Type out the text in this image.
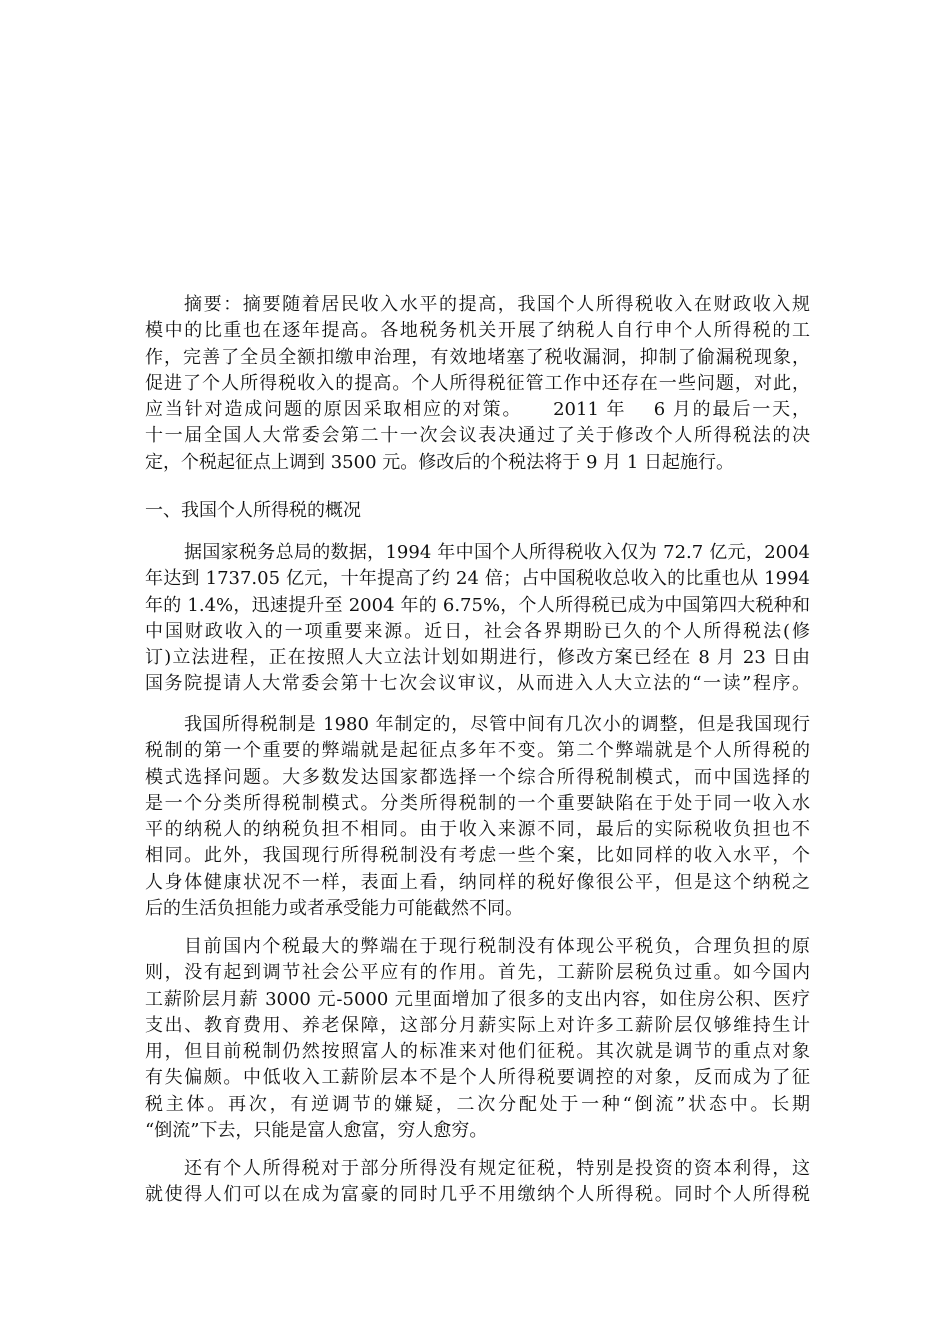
摘要：摘要随着居民收入水平的提高，我国个人所得税收入在财政收入规
模中的比重也在逐年提高。各地税务机关开展了纳税人自行申个人所得税的工
作，完善了全员全额扣缴申治理，有效地堵塞了税收漏洞，抑制了偷漏税现象，
促进了个人所得税收入的提高。个人所得税征管工作中还存在一些问题，对此，
应当针对造成问题的原因采取相应的对策。　　2011 年　 6 月的最后一天，
十一届全国人大常委会第二十一次会议表决通过了关于修改个人所得税法的决
定，个税起征点上调到 3500 元。修改后的个税法将于 9 月 1 日起施行。
一、我国个人所得税的概况
据国家税务总局的数据，1994 年中国个人所得税收入仅为 72.7 亿元，2004
年达到 1737.05 亿元，十年提高了约 24 倍；占中国税收总收入的比重也从 1994
年的 1.4%，迅速提升至 2004 年的 6.75%，个人所得税已成为中国第四大税种和
中国财政收入的一项重要来源。近日，社会各界期盼已久的个人所得税法(修
订)立法进程，正在按照人大立法计划如期进行，修改方案已经在 8 月 23 日由
国务院提请人大常委会第十七次会议审议，从而进入人大立法的“一读”程序。
我国所得税制是 1980 年制定的，尽管中间有几次小的调整，但是我国现行
税制的第一个重要的弊端就是起征点多年不变。第二个弊端就是个人所得税的
模式选择问题。大多数发达国家都选择一个综合所得税制模式，而中国选择的
是一个分类所得税制模式。分类所得税制的一个重要缺陷在于处于同一收入水
平的纳税人的纳税负担不相同。由于收入来源不同，最后的实际税收负担也不
相同。此外，我国现行所得税制没有考虑一些个案，比如同样的收入水平，个
人身体健康状况不一样，表面上看，纳同样的税好像很公平，但是这个纳税之
后的生活负担能力或者承受能力可能截然不同。
目前国内个税最大的弊端在于现行税制没有体现公平税负，合理负担的原
则，没有起到调节社会公平应有的作用。首先，工薪阶层税负过重。如今国内
工薪阶层月薪 3000 元-5000 元里面增加了很多的支出内容，如住房公积、医疗
支出、教育费用、养老保障，这部分月薪实际上对许多工薪阶层仅够维持生计
用，但目前税制仍然按照富人的标准来对他们征税。其次就是调节的重点对象
有失偏颇。中低收入工薪阶层本不是个人所得税要调控的对象，反而成为了征
税主体。再次，有逆调节的嫌疑，二次分配处于一种“倒流”状态中。长期
“倒流”下去，只能是富人愈富，穷人愈穷。
还有个人所得税对于部分所得没有规定征税，特别是投资的资本利得，这
就使得人们可以在成为富豪的同时几乎不用缴纳个人所得税。同时个人所得税
